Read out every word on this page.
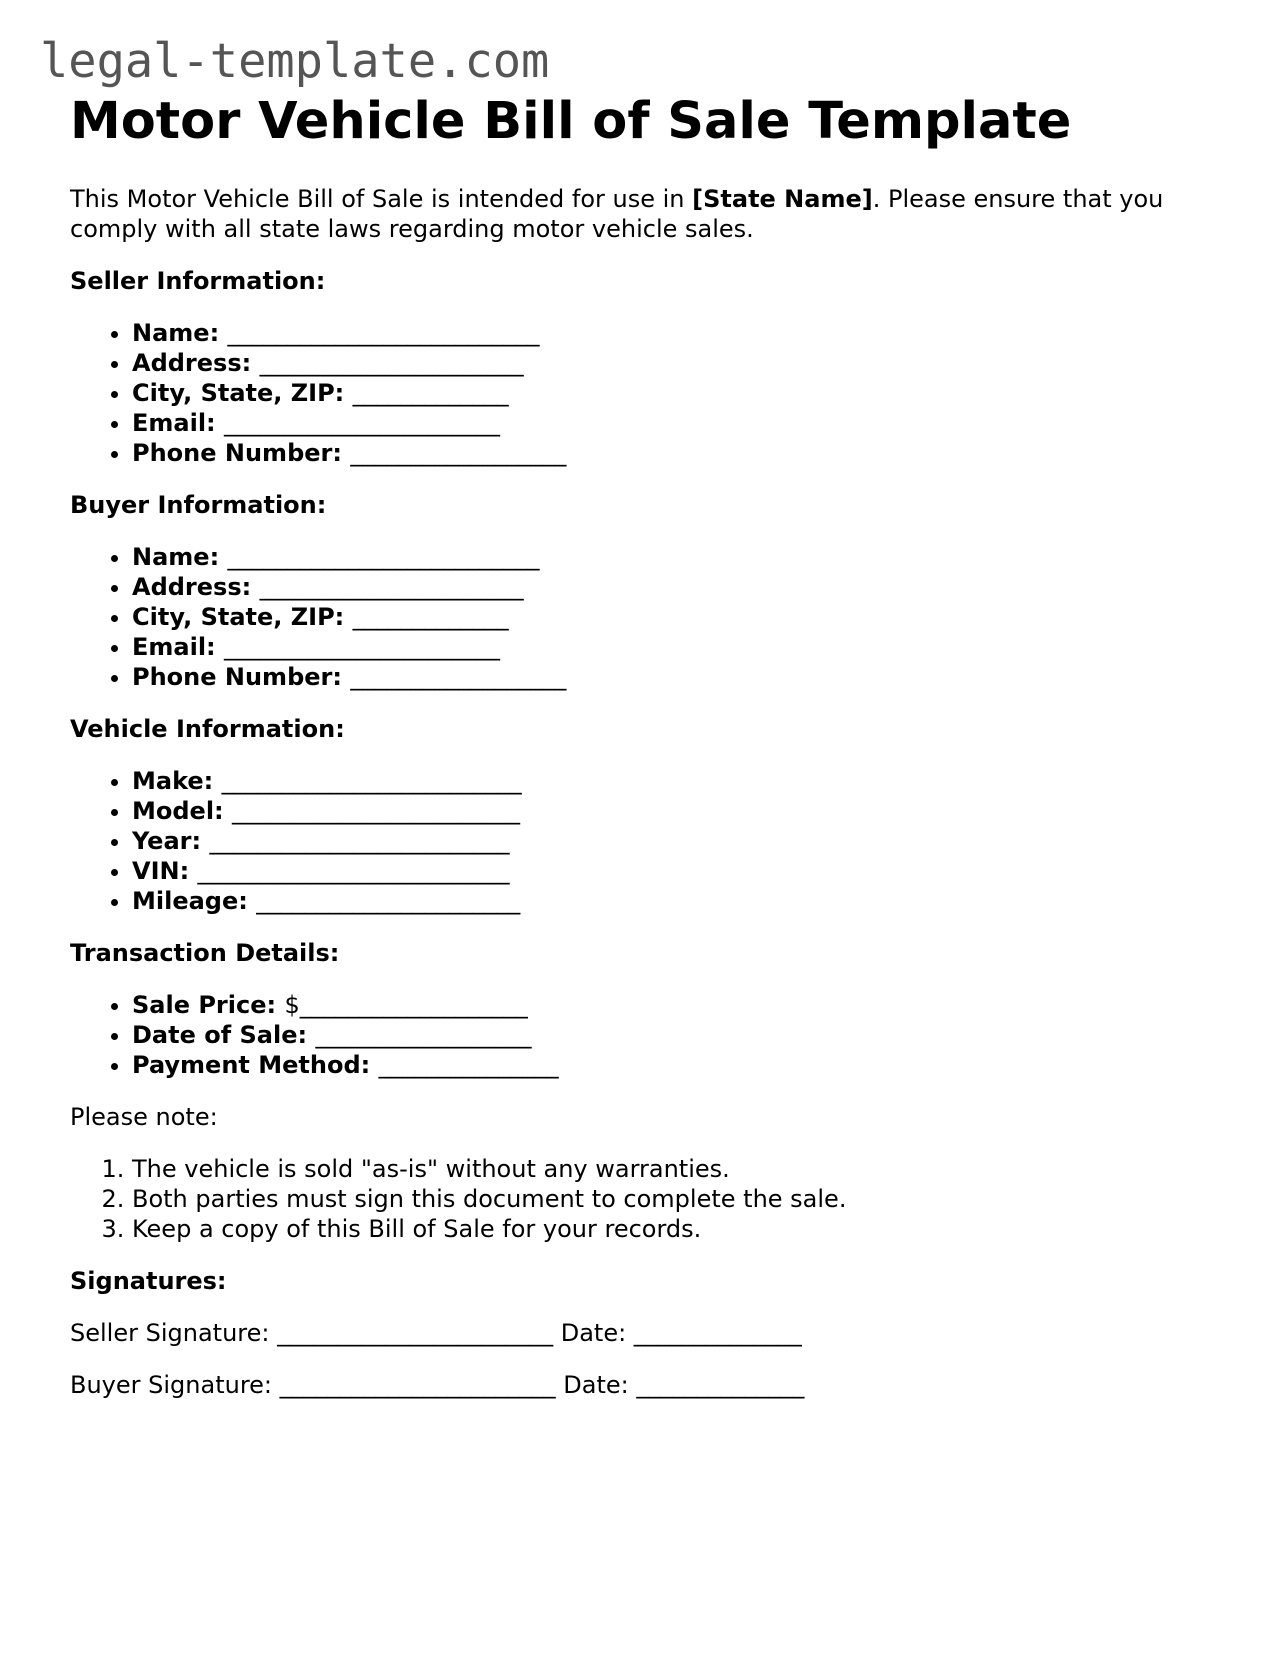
legal-template.com
Motor Vehicle Bill of Sale Template

This Motor Vehicle Bill of Sale is intended for use in [State Name]. Please ensure that you comply with all state laws regarding motor vehicle sales.

Seller Information:
• Name: __________________________
• Address: ______________________
• City, State, ZIP: _____________
• Email: _______________________
• Phone Number: __________________
Buyer Information:
• Name: __________________________
• Address: ______________________
• City, State, ZIP: _____________
• Email: _______________________
• Phone Number: __________________
Vehicle Information:
• Make: _________________________
• Model: ________________________
• Year: _________________________
• VIN: __________________________
• Mileage: ______________________
Transaction Details:
• Sale Price: $___________________
• Date of Sale: __________________
• Payment Method: _______________

Please note:

1. The vehicle is sold "as-is" without any warranties.
2. Both parties must sign this document to complete the sale.
3. Keep a copy of this Bill of Sale for your records.
Signatures:

Seller Signature: _______________________ Date: ______________

Buyer Signature: _______________________ Date: ______________
